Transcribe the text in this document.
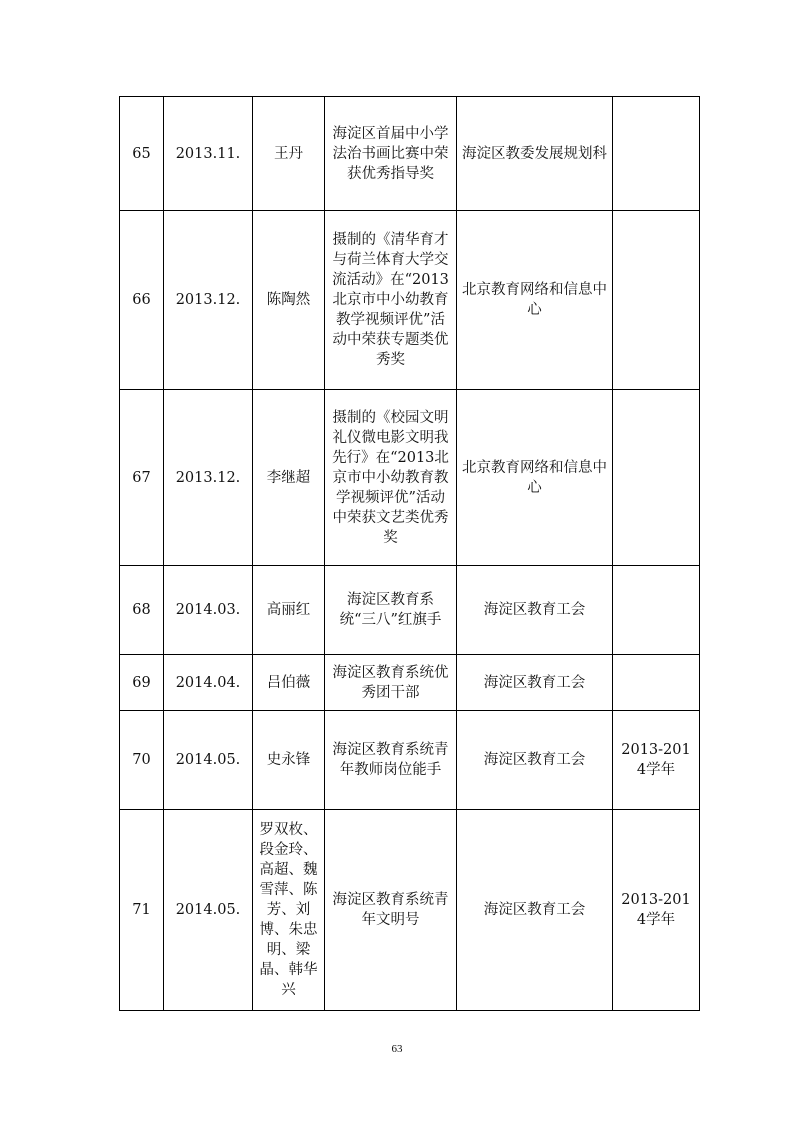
65	2013.11.	王丹	海淀区首届中小学法治书画比赛中荣获优秀指导奖	海淀区教委发展规划科	
66	2013.12.	陈陶然	摄制的《清华育才与荷兰体育大学交流活动》在“2013北京市中小幼教育教学视频评优”活动中荣获专题类优秀奖	北京教育网络和信息中心	
67	2013.12.	李继超	摄制的《校园文明礼仪微电影文明我先行》在“2013北京市中小幼教育教学视频评优”活动中荣获文艺类优秀奖	北京教育网络和信息中心	
68	2014.03.	高丽红	海淀区教育系统“三八”红旗手	海淀区教育工会	
69	2014.04.	吕伯薇	海淀区教育系统优秀团干部	海淀区教育工会	
70	2014.05.	史永锋	海淀区教育系统青年教师岗位能手	海淀区教育工会	2013-2014学年
71	2014.05.	罗双枚、段金玲、高超、魏雪萍、陈芳、刘博、朱忠明、梁晶、韩华兴	海淀区教育系统青年文明号	海淀区教育工会	2013-2014学年
63
